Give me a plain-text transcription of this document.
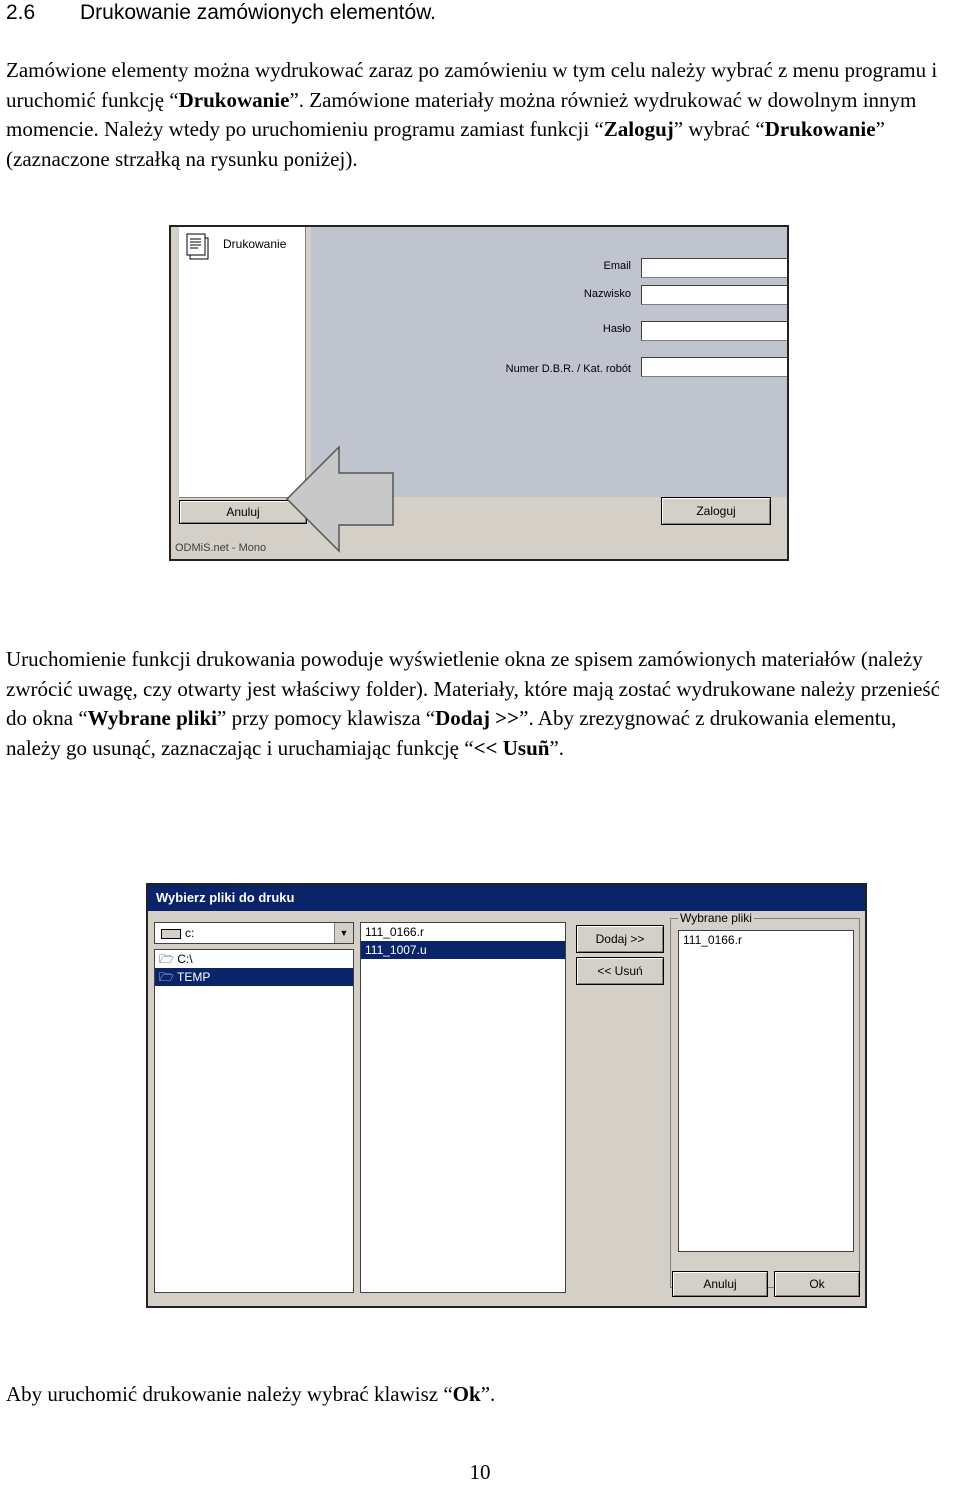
2.6 Drukowanie zamówionych elementów.

Zamówione elementy można wydrukować zaraz po zamówieniu w tym celu należy wybrać z menu programu i uruchomić funkcję “Drukowanie”. Zamówione materiały można również wydrukować w dowolnym innym momencie. Należy wtedy po uruchomieniu programu zamiast funkcji “Zaloguj” wybrać “Drukowanie” (zaznaczone strzałką na rysunku poniżej).

Drukowanie
Email
Nazwisko
Hasło
Numer D.B.R. / Kat. robót
Anuluj	Zaloguj
ODMiS.net - Mono

Uruchomienie funkcji drukowania powoduje wyświetlenie okna ze spisem zamówionych materiałów (należy zwrócić uwagę, czy otwarty jest właściwy folder). Materiały, które mają zostać wydrukowane należy przenieść do okna “Wybrane pliki” przy pomocy klawisza “Dodaj >>”. Aby zrezygnować z drukowania elementu, należy go usunąć, zaznaczając i uruchamiając funkcję “<< Usuñ”.

Wybierz pliki do druku
c:	▼
🗁 C:\
🗁 TEMP
111_0166.r
111_1007.u
Dodaj >>
<< Usuń
Wybrane pliki
111_0166.r
Anuluj	Ok

Aby uruchomić drukowanie należy wybrać klawisz “Ok”.

10
